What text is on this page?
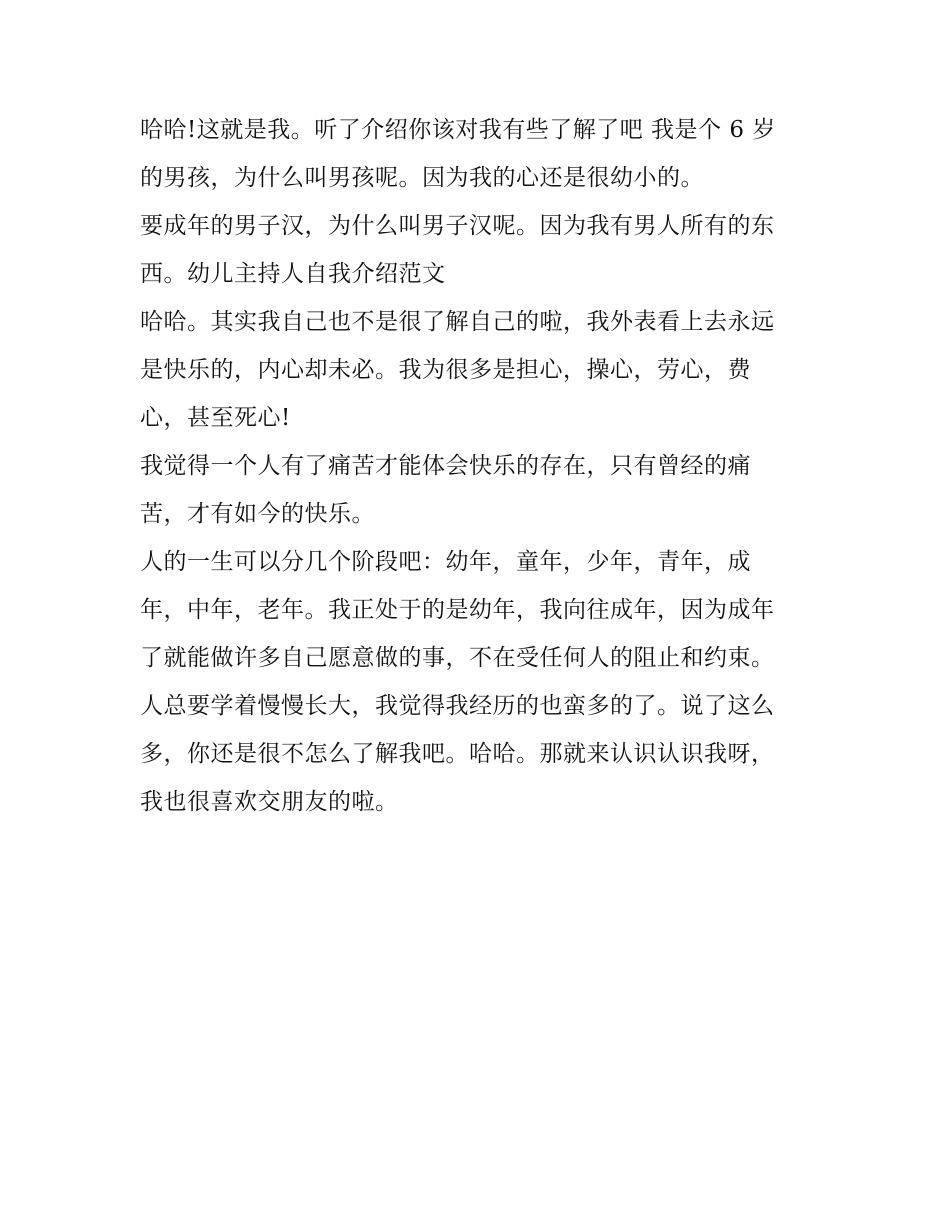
哈哈!这就是我。听了介绍你该对我有些了解了吧 我是个 6 岁
的男孩，为什么叫男孩呢。因为我的心还是很幼小的。
要成年的男子汉，为什么叫男子汉呢。因为我有男人所有的东
西。幼儿主持人自我介绍范文
哈哈。其实我自己也不是很了解自己的啦，我外表看上去永远
是快乐的，内心却未必。我为很多是担心，操心，劳心，费
心，甚至死心!
我觉得一个人有了痛苦才能体会快乐的存在，只有曾经的痛
苦，才有如今的快乐。
人的一生可以分几个阶段吧：幼年，童年，少年，青年，成
年，中年，老年。我正处于的是幼年，我向往成年，因为成年
了就能做许多自己愿意做的事，不在受任何人的阻止和约束。
人总要学着慢慢长大，我觉得我经历的也蛮多的了。说了这么
多，你还是很不怎么了解我吧。哈哈。那就来认识认识我呀，
我也很喜欢交朋友的啦。
